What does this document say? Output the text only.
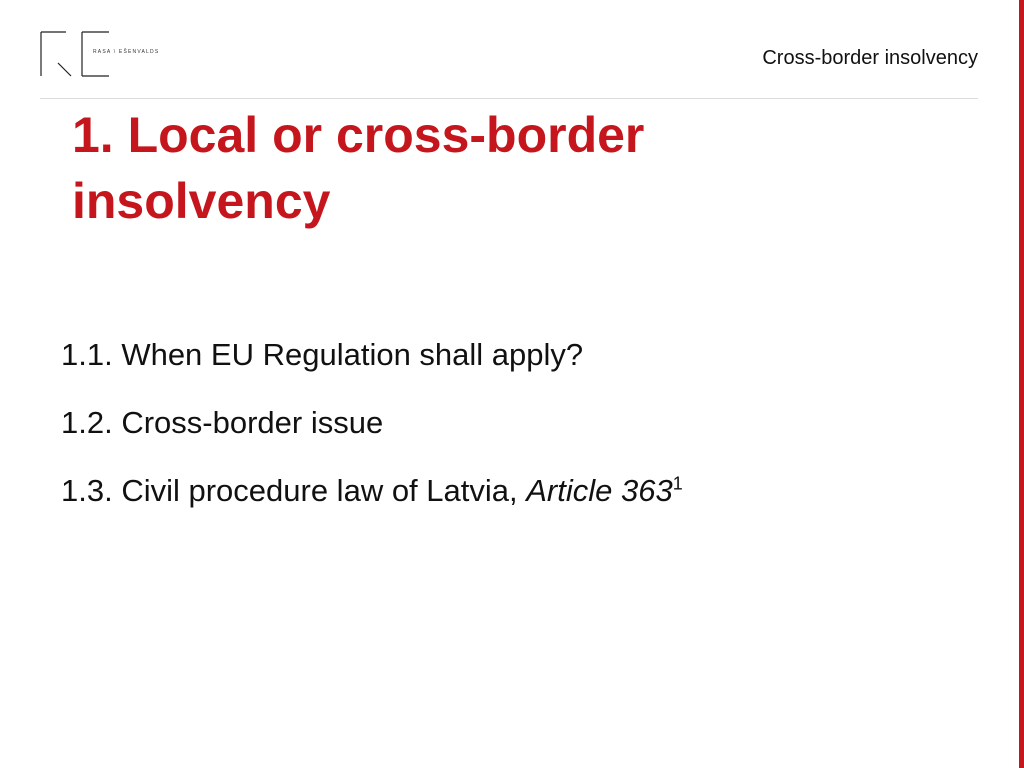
RASA \ EŠENVALDS	Cross-border insolvency
1. Local or cross-border insolvency
1.1. When EU Regulation shall apply?
1.2. Cross-border issue
1.3. Civil procedure law of Latvia, Article $363^1$
